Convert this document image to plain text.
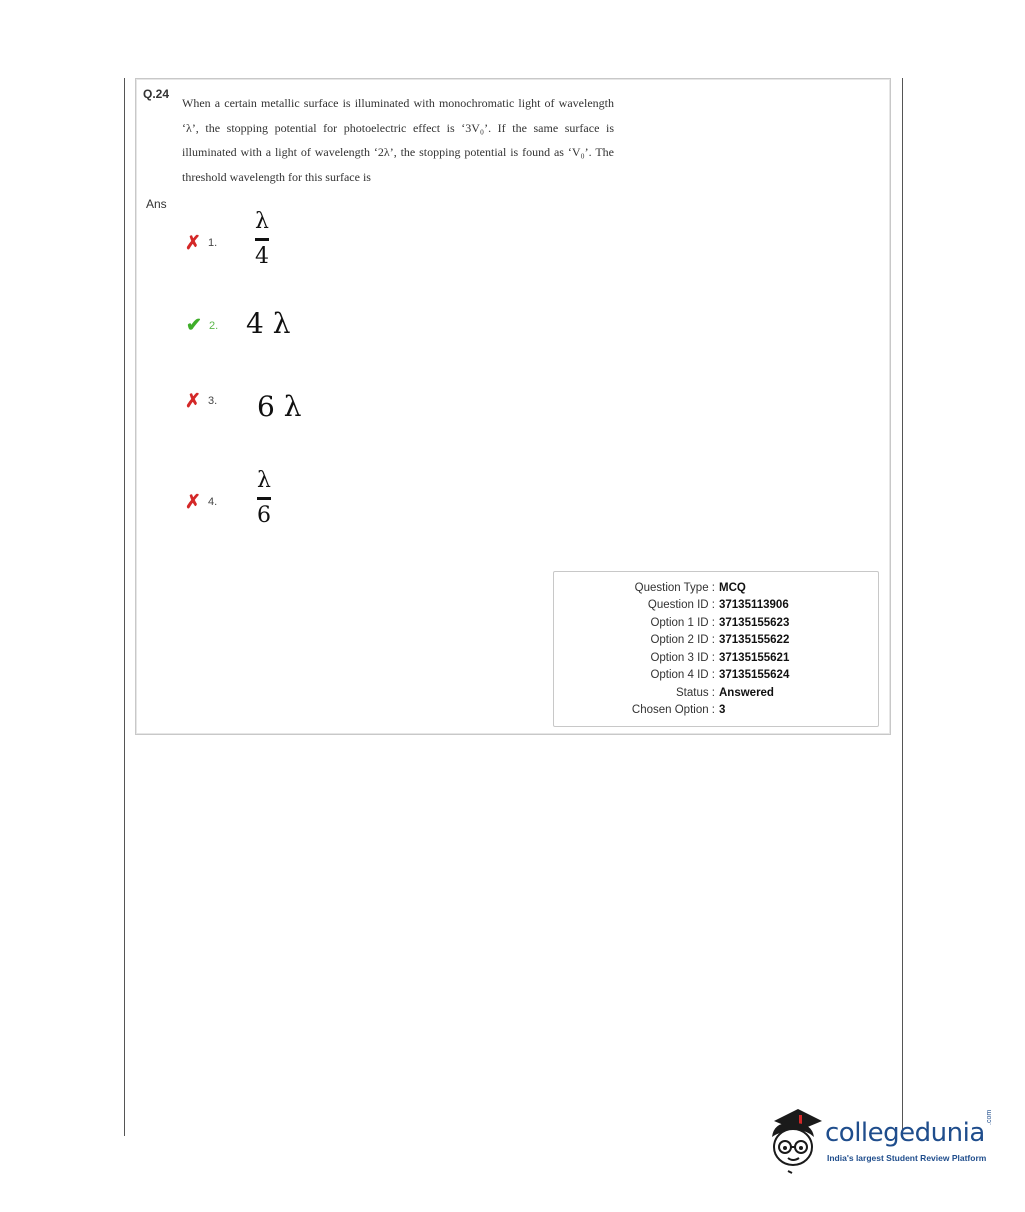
Q.24
When a certain metallic surface is illuminated with monochromatic light of wavelength ‘λ’, the stopping potential for photoelectric effect is ‘3V₀’. If the same surface is illuminated with a light of wavelength ‘2λ’, the stopping potential is found as ‘V₀’. The threshold wavelength for this surface is
Ans
✗ 1.
λ
4
✔ 2. 4 λ
✗ 3. 6 λ
✗ 4.
λ
6
Question Type : MCQ
Question ID : 37135113906
Option 1 ID : 37135155623
Option 2 ID : 37135155622
Option 3 ID : 37135155621
Option 4 ID : 37135155624
Status : Answered
Chosen Option : 3
collegedunia
.com
India's largest Student Review Platform
